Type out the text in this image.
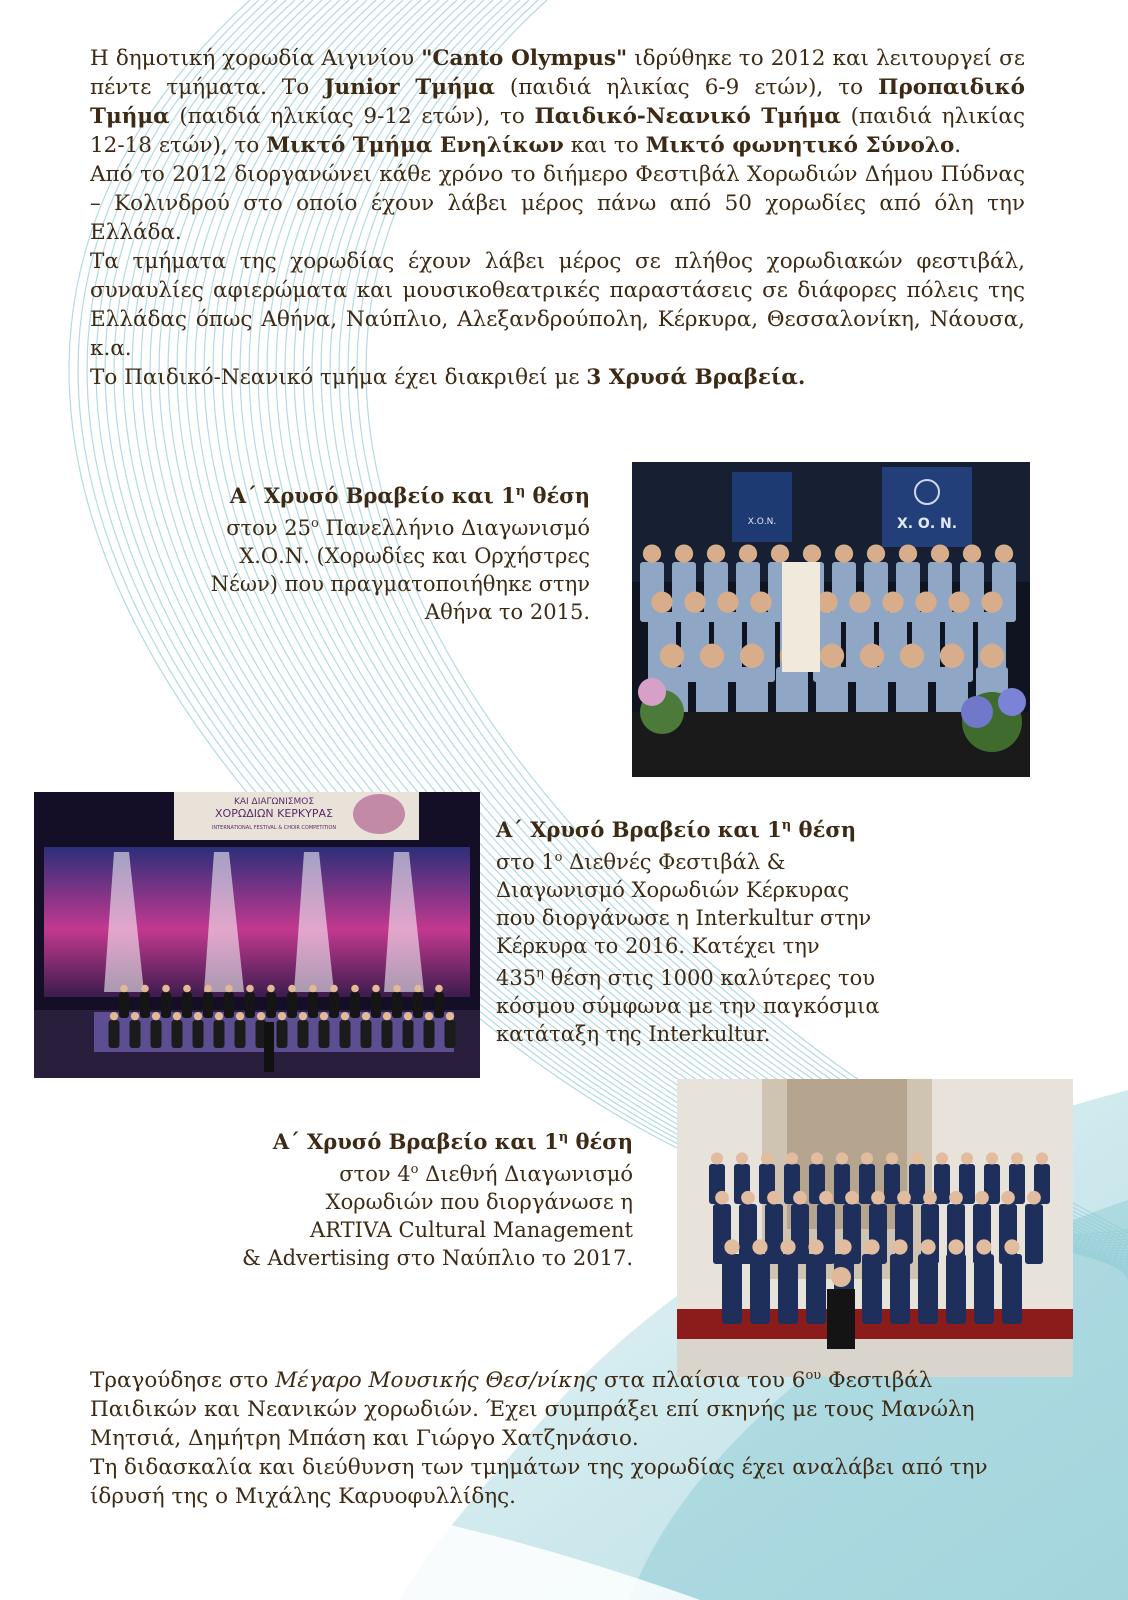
Η δημοτική χορωδία Αιγινίου "Canto Olympus" ιδρύθηκε το 2012 και λειτουργεί σε πέντε τμήματα. Το Junior Τμήμα (παιδιά ηλικίας 6-9 ετών), το Προπαιδικό Τμήμα (παιδιά ηλικίας 9-12 ετών), το Παιδικό-Νεανικό Τμήμα (παιδιά ηλικίας 12-18 ετών), το Μικτό Τμήμα Ενηλίκων και το Μικτό φωνητικό Σύνολο.

Από το 2012 διοργανώνει κάθε χρόνο το διήμερο Φεστιβάλ Χορωδιών Δήμου Πύδνας – Κολινδρού στο οποίο έχουν λάβει μέρος πάνω από 50 χορωδίες από όλη την Ελλάδα.

Τα τμήματα της χορωδίας έχουν λάβει μέρος σε πλήθος χορωδιακών φεστιβάλ, συναυλίες αφιερώματα και μουσικοθεατρικές παραστάσεις σε διάφορες πόλεις της Ελλάδας όπως Αθήνα, Ναύπλιο, Αλεξανδρούπολη, Κέρκυρα, Θεσσαλονίκη, Νάουσα, κ.α.

Το Παιδικό-Νεανικό τμήμα έχει διακριθεί με 3 Χρυσά Βραβεία.

Α΄ Χρυσό Βραβείο και $1^\eta$ θέση
στον $25^o$ Πανελλήνιο Διαγωνισμό
Χ.Ο.Ν. (Χορωδίες και Ορχήστρες
Νέων) που πραγματοποιήθηκε στην
Αθήνα το 2015.
Χ.Ο.Ν.	Χ. Ο. Ν.
ΚΑΙ ΔΙΑΓΩΝΙΣΜΟΣ
ΧΟΡΩΔΙΩΝ ΚΕΡΚΥΡΑΣ
INTERNATIONAL FESTIVAL & CHOIR COMPETITION	Α΄ Χρυσό Βραβείο και $1^\eta$ θέση
στο $1^o$ Διεθνές Φεστιβάλ &
Διαγωνισμό Χορωδιών Κέρκυρας
που διοργάνωσε η Interkultur στην
Κέρκυρα το 2016. Κατέχει την
$435^\eta$ θέση στις 1000 καλύτερες του
κόσμου σύμφωνα με την παγκόσμια
κατάταξη της Interkultur.
Α΄ Χρυσό Βραβείο και $1^\eta$ θέση
στον $4^o$ Διεθνή Διαγωνισμό
Χορωδιών που διοργάνωσε η
ARTIVA Cultural Management
& Advertising στο Ναύπλιο το 2017.

Τραγούδησε στο Μέγαρο Μουσικής Θεσ/νίκης στα πλαίσια του $6^{o\upsilon}$ Φεστιβάλ Παιδικών και Νεανικών χορωδιών. Έχει συμπράξει επί σκηνής με τους Μανώλη Μητσιά, Δημήτρη Μπάση και Γιώργο Χατζηνάσιο.

Τη διδασκαλία και διεύθυνση των τμημάτων της χορωδίας έχει αναλάβει από την ίδρυσή της ο Μιχάλης Καρυοφυλλίδης.
